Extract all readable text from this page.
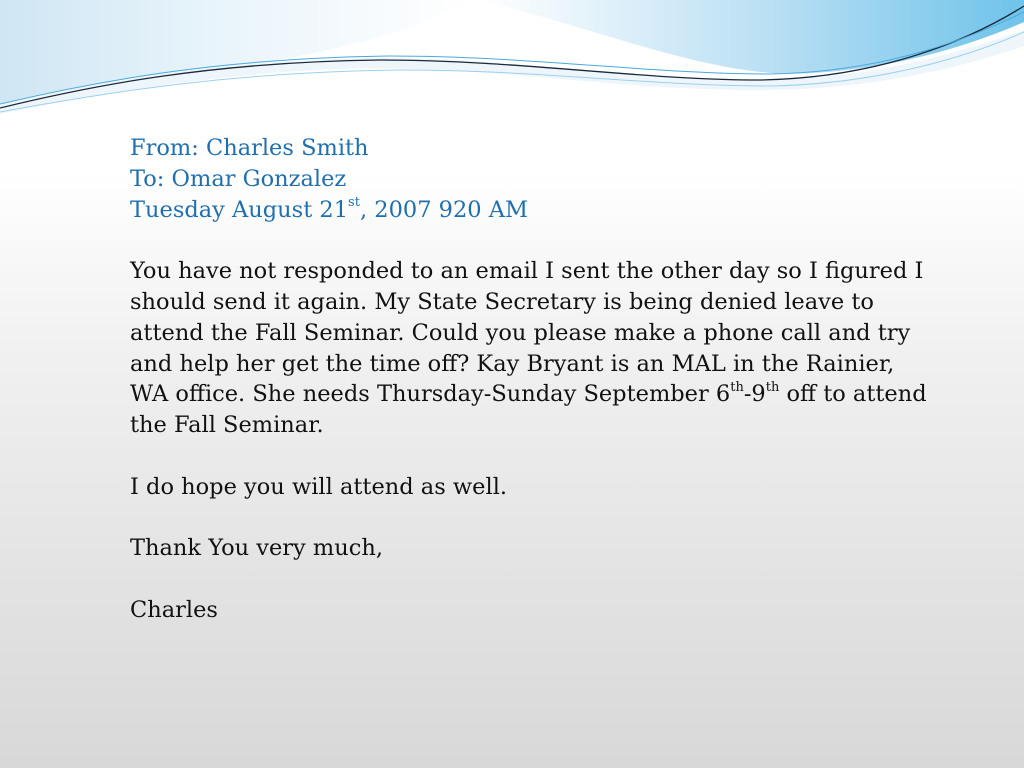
From: Charles Smith
To: Omar Gonzalez
Tuesday August 21st, 2007 920 AM

You have not responded to an email I sent the other day so I figured I should send it again. My State Secretary is being denied leave to attend the Fall Seminar. Could you please make a phone call and try and help her get the time off? Kay Bryant is an MAL in the Rainier, WA office. She needs Thursday-Sunday September 6th-9th off to attend the Fall Seminar.

I do hope you will attend as well.

Thank You very much,

Charles
